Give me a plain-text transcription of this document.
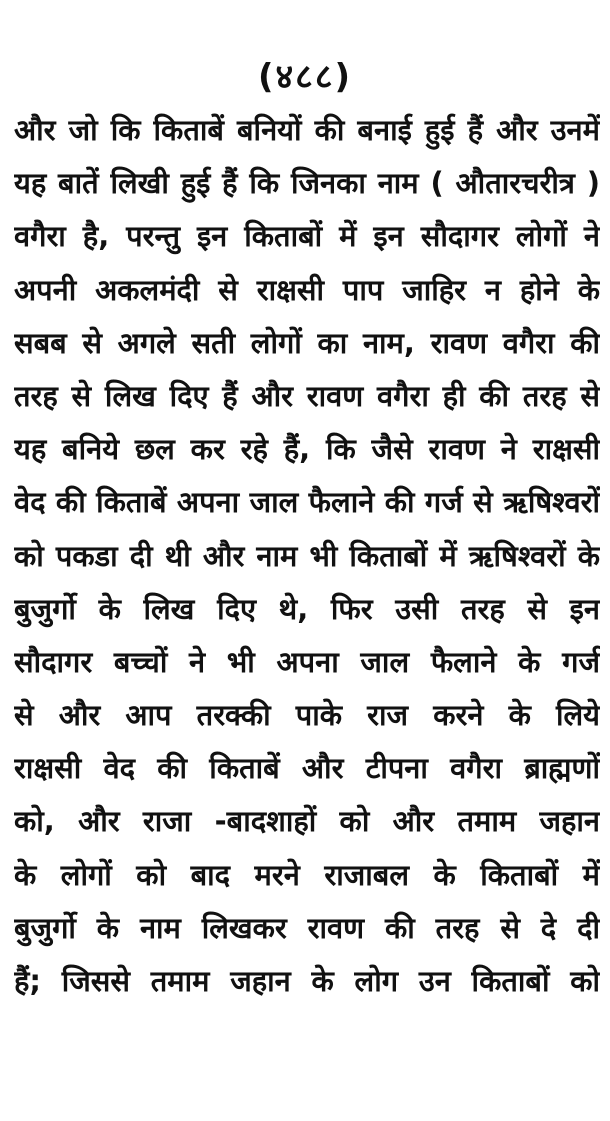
(४८८)
और जो कि किताबें बनियों की बनाई हुई हैं और उनमें
यह बातें लिखी हुई हैं कि जिनका नाम ( औतारचरीत्र )
वगैरा है, परन्तु इन किताबों में इन सौदागर लोगों ने
अपनी अकलमंदी से राक्षसी पाप जाहिर न होने के
सबब से अगले सती लोगों का नाम, रावण वगैरा की
तरह से लिख दिए हैं और रावण वगैरा ही की तरह से
यह बनिये छल कर रहे हैं, कि जैसे रावण ने राक्षसी
वेद की किताबें अपना जाल फैलाने की गर्ज से ऋषिश्वरों
को पकडा दी थी और नाम भी किताबों में ऋषिश्वरों के
बुजुर्गो के लिख दिए थे, फिर उसी तरह से इन
सौदागर बच्चों ने भी अपना जाल फैलाने के गर्ज
से और आप तरक्की पाके राज करने के लिये
राक्षसी वेद की किताबें और टीपना वगैरा ब्राह्मणों
को, और राजा -बादशाहों को और तमाम जहान
के लोगों को बाद मरने राजाबल के किताबों में
बुजुर्गो के नाम लिखकर रावण की तरह से दे दी
हैं; जिससे तमाम जहान के लोग उन किताबों को
